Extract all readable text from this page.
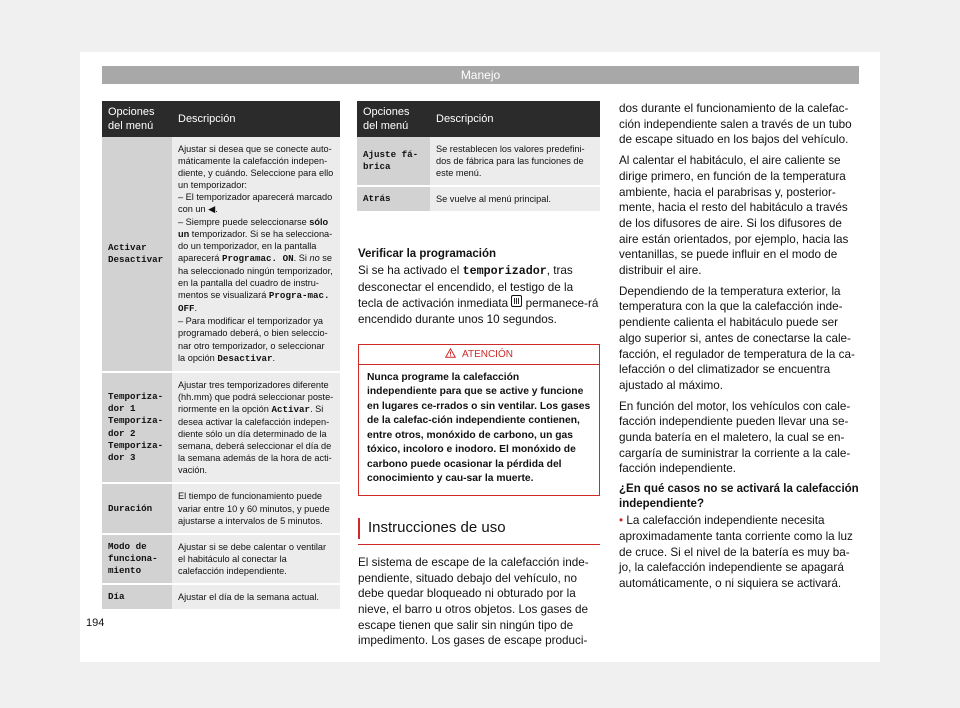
Manejo
Opciones del menú	Descripción
Activar Desactivar	Ajustar si desea que se conecte auto-máticamente la calefacción indepen-diente, y cuándo. Seleccione para ello un temporizador:
– El temporizador aparecerá marcado con un ◀.
– Siempre puede seleccionarse sólo un temporizador. Si se ha selecciona-do un temporizador, en la pantalla aparecerá Programac. ON. Si no se ha seleccionado ningún temporizador, en la pantalla del cuadro de instru-mentos se visualizará Progra-mac. OFF.
– Para modificar el temporizador ya programado deberá, o bien seleccio-nar otro temporizador, o seleccionar la opción Desactivar.
Temporiza-dor 1 Temporiza-dor 2 Temporiza-dor 3	Ajustar tres temporizadores diferente (hh.mm) que podrá seleccionar poste-riormente en la opción Activar. Si desea activar la calefacción indepen-diente sólo un día determinado de la semana, deberá seleccionar el día de la semana además de la hora de acti-vación.
Duración	El tiempo de funcionamiento puede variar entre 10 y 60 minutos, y puede ajustarse a intervalos de 5 minutos.
Modo de funciona-miento	Ajustar si se debe calentar o ventilar el habitáculo al conectar la calefacción independiente.
Día	Ajustar el día de la semana actual.
Opciones del menú	Descripción
Ajuste fá-brica	Se restablecen los valores predefini-dos de fábrica para las funciones de este menú.
Atrás	Se vuelve al menú principal.
Verificar la programación
Si se ha activado el temporizador, tras desconectar el encendido, el testigo de la tecla de activación inmediata  permanece-rá encendido durante unos 10 segundos.
ATENCIÓN
Nunca programe la calefacción independiente para que se active y funcione en lugares ce-rrados o sin ventilar. Los gases de la calefac-ción independiente contienen, entre otros, monóxido de carbono, un gas tóxico, incoloro e inodoro. El monóxido de carbono puede ocasionar la pérdida del conocimiento y cau-sar la muerte.
Instrucciones de uso
El sistema de escape de la calefacción inde-pendiente, situado debajo del vehículo, no debe quedar bloqueado ni obturado por la nieve, el barro u otros objetos. Los gases de escape tienen que salir sin ningún tipo de impedimento. Los gases de escape produci-
dos durante el funcionamiento de la calefac-ción independiente salen a través de un tubo de escape situado en los bajos del vehículo.
Al calentar el habitáculo, el aire caliente se dirige primero, en función de la temperatura ambiente, hacia el parabrisas y, posterior-mente, hacia el resto del habitáculo a través de los difusores de aire. Si los difusores de aire están orientados, por ejemplo, hacia las ventanillas, se puede influir en el modo de distribuir el aire.
Dependiendo de la temperatura exterior, la temperatura con la que la calefacción inde-pendiente calienta el habitáculo puede ser algo superior si, antes de conectarse la cale-facción, el regulador de temperatura de la ca-lefacción o del climatizador se encuentra ajustado al máximo.
En función del motor, los vehículos con cale-facción independiente pueden llevar una se-gunda batería en el maletero, la cual se en-cargaría de suministrar la corriente a la cale-facción independiente.
¿En qué casos no se activará la calefacción independiente?
• La calefacción independiente necesita aproximadamente tanta corriente como la luz de cruce. Si el nivel de la batería es muy ba-jo, la calefacción independiente se apagará automáticamente, o ni siquiera se activará.
194
